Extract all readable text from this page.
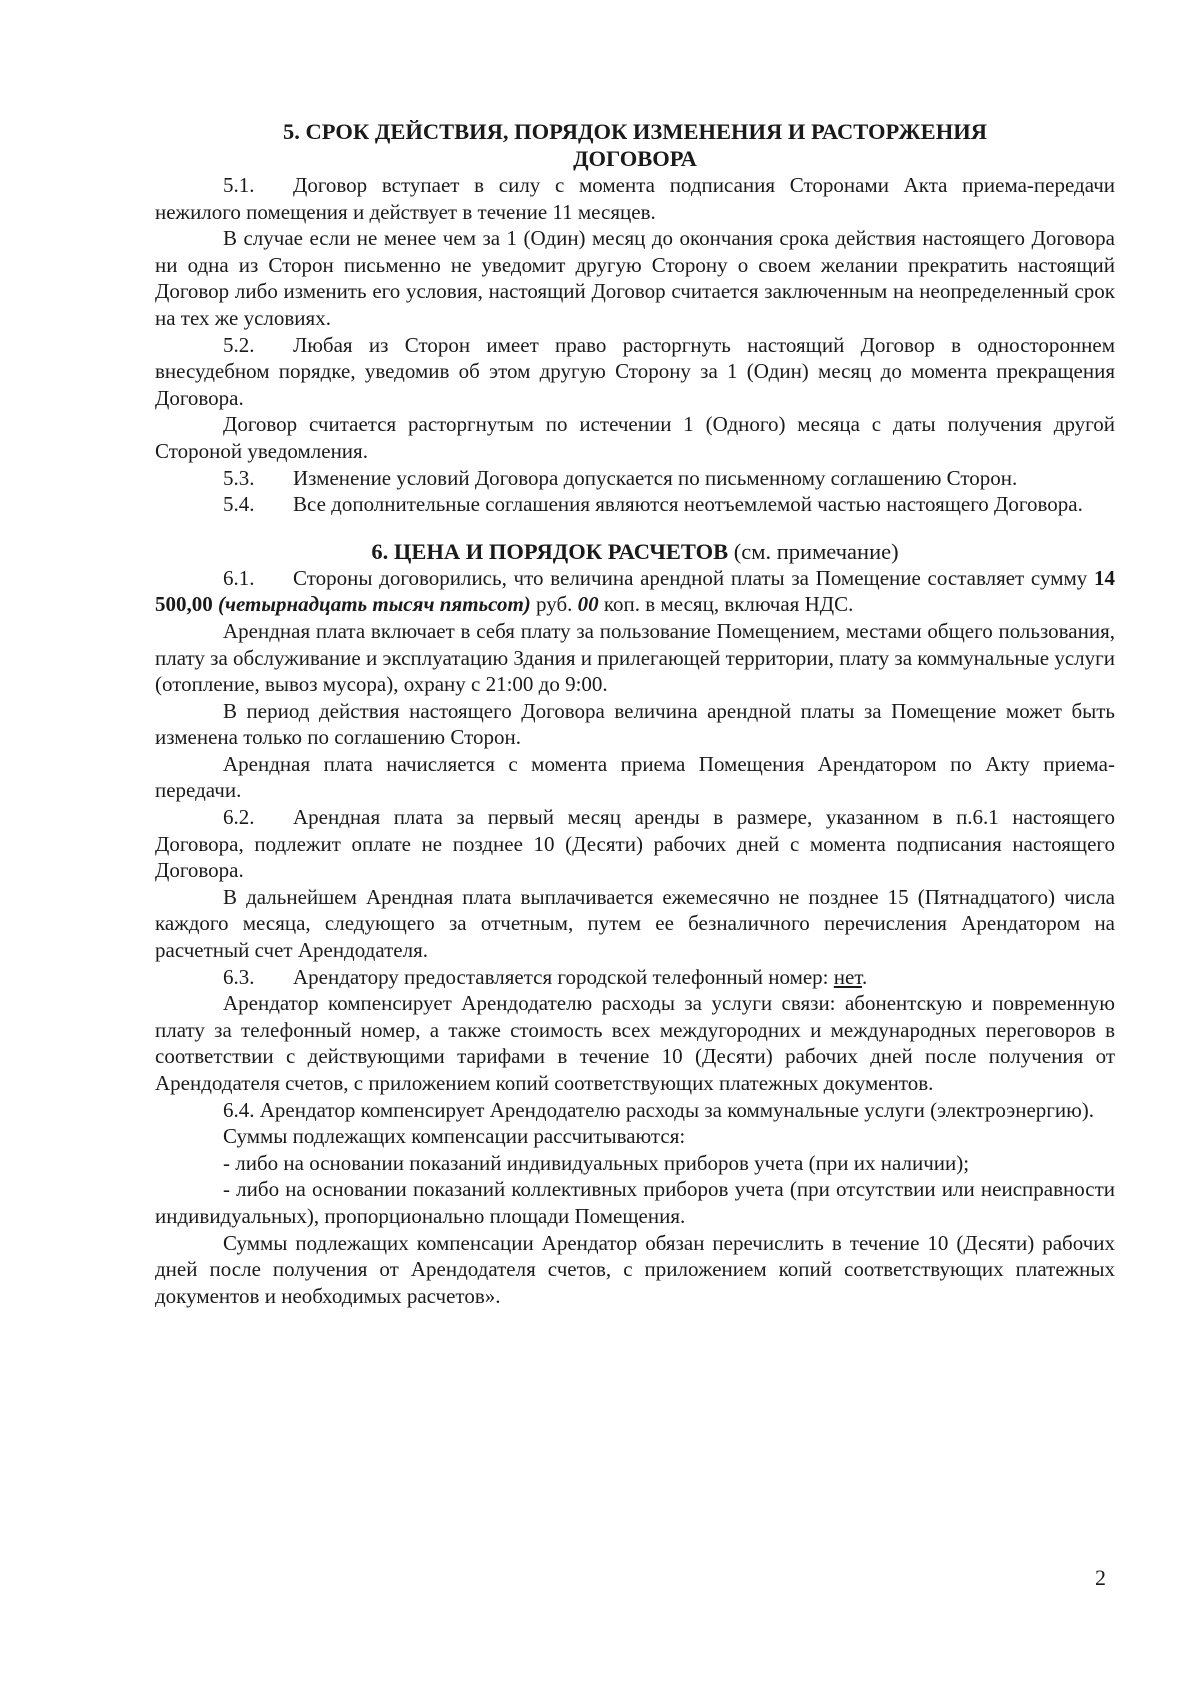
5. СРОК ДЕЙСТВИЯ, ПОРЯДОК ИЗМЕНЕНИЯ И РАСТОРЖЕНИЯ
ДОГОВОРА

5.1. Договор вступает в силу с момента подписания Сторонами Акта приема-передачи нежилого помещения и действует в течение 11 месяцев.

В случае если не менее чем за 1 (Один) месяц до окончания срока действия настоящего Договора ни одна из Сторон письменно не уведомит другую Сторону о своем желании прекратить настоящий Договор либо изменить его условия, настоящий Договор считается заключенным на неопределенный срок на тех же условиях.

5.2. Любая из Сторон имеет право расторгнуть настоящий Договор в одностороннем внесудебном порядке, уведомив об этом другую Сторону за 1 (Один) месяц до момента прекращения Договора.

Договор считается расторгнутым по истечении 1 (Одного) месяца с даты получения другой Стороной уведомления.

5.3. Изменение условий Договора допускается по письменному соглашению Сторон.

5.4. Все дополнительные соглашения являются неотъемлемой частью настоящего Договора.

6. ЦЕНА И ПОРЯДОК РАСЧЕТОВ (см. примечание)

6.1. Стороны договорились, что величина арендной платы за Помещение составляет сумму 14 500,00 (четырнадцать тысяч пятьсот) руб. 00 коп. в месяц, включая НДС.

Арендная плата включает в себя плату за пользование Помещением, местами общего пользования, плату за обслуживание и эксплуатацию Здания и прилегающей территории, плату за коммунальные услуги (отопление, вывоз мусора), охрану с 21:00 до 9:00.

В период действия настоящего Договора величина арендной платы за Помещение может быть изменена только по соглашению Сторон.

Арендная плата начисляется с момента приема Помещения Арендатором по Акту приема-передачи.

6.2. Арендная плата за первый месяц аренды в размере, указанном в п.6.1 настоящего Договора, подлежит оплате не позднее 10 (Десяти) рабочих дней с момента подписания настоящего Договора.

В дальнейшем Арендная плата выплачивается ежемесячно не позднее 15 (Пятнадцатого) числа каждого месяца, следующего за отчетным, путем ее безналичного перечисления Арендатором на расчетный счет Арендодателя.

6.3. Арендатору предоставляется городской телефонный номер: нет.

Арендатор компенсирует Арендодателю расходы за услуги связи: абонентскую и повременную плату за телефонный номер, а также стоимость всех междугородних и международных переговоров в соответствии с действующими тарифами в течение 10 (Десяти) рабочих дней после получения от Арендодателя счетов, с приложением копий соответствующих платежных документов.

6.4. Арендатор компенсирует Арендодателю расходы за коммунальные услуги (электроэнергию).

Суммы подлежащих компенсации рассчитываются:

- либо на основании показаний индивидуальных приборов учета (при их наличии);

- либо на основании показаний коллективных приборов учета (при отсутствии или неисправности индивидуальных), пропорционально площади Помещения.

Суммы подлежащих компенсации Арендатор обязан перечислить в течение 10 (Десяти) рабочих дней после получения от Арендодателя счетов, с приложением копий соответствующих платежных документов и необходимых расчетов».

2
